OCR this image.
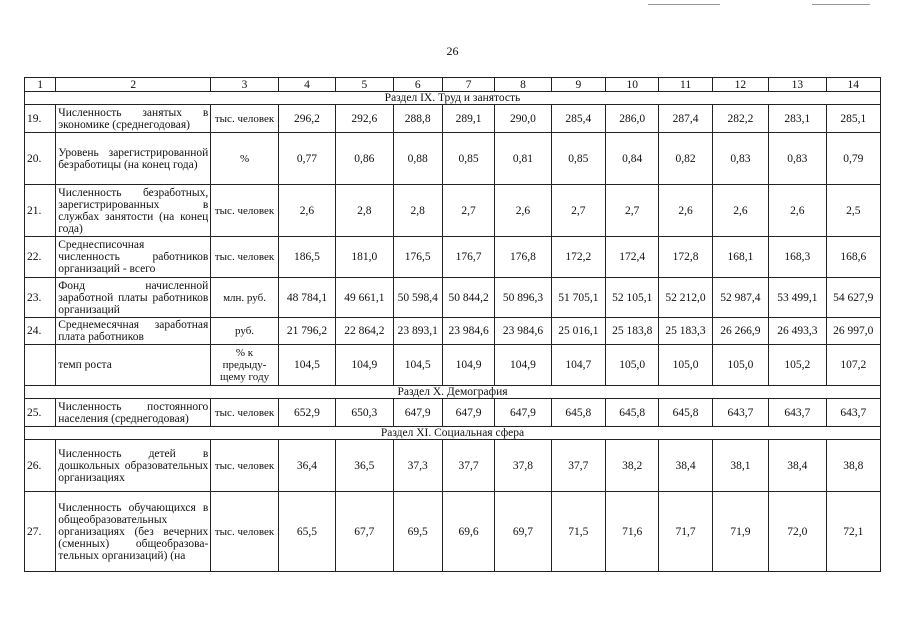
26
1	2	3	4	5	6	7	8	9	10	11	12	13	14
Раздел IX. Труд и занятость													
19.	Численность занятых в экономике (среднегодовая)	тыс. человек	296,2	292,6	288,8	289,1	290,0	285,4	286,0	287,4	282,2	283,1	285,1
20.	Уровень зарегистрированной безработицы (на конец года)	%	0,77	0,86	0,88	0,85	0,81	0,85	0,84	0,82	0,83	0,83	0,79
21.	Численность безработных, зарегистрированных в службах занятости (на конец года)	тыс. человек	2,6	2,8	2,8	2,7	2,6	2,7	2,7	2,6	2,6	2,6	2,5
22.	Среднесписочная численность работников организаций - всего	тыс. человек	186,5	181,0	176,5	176,7	176,8	172,2	172,4	172,8	168,1	168,3	168,6
23.	Фонд начисленной заработной платы работников организаций	млн. руб.	48 784,1	49 661,1	50 598,4	50 844,2	50 896,3	51 705,1	52 105,1	52 212,0	52 987,4	53 499,1	54 627,9
24.	Среднемесячная заработная плата работников	руб.	21 796,2	22 864,2	23 893,1	23 984,6	23 984,6	25 016,1	25 183,8	25 183,3	26 266,9	26 493,3	26 997,0
	темп роста	% к предыду-щему году	104,5	104,9	104,5	104,9	104,9	104,7	105,0	105,0	105,0	105,2	107,2
Раздел X. Демография													
25.	Численность постоянного населения (среднегодовая)	тыс. человек	652,9	650,3	647,9	647,9	647,9	645,8	645,8	645,8	643,7	643,7	643,7
Раздел XI. Социальная сфера													
26.	Численность детей в дошкольных образовательных организациях	тыс. человек	36,4	36,5	37,3	37,7	37,8	37,7	38,2	38,4	38,1	38,4	38,8
27.	Численность обучающихся в общеобразовательных организациях (без вечерних (сменных) общеобразова-тельных организаций) (на	тыс. человек	65,5	67,7	69,5	69,6	69,7	71,5	71,6	71,7	71,9	72,0	72,1
